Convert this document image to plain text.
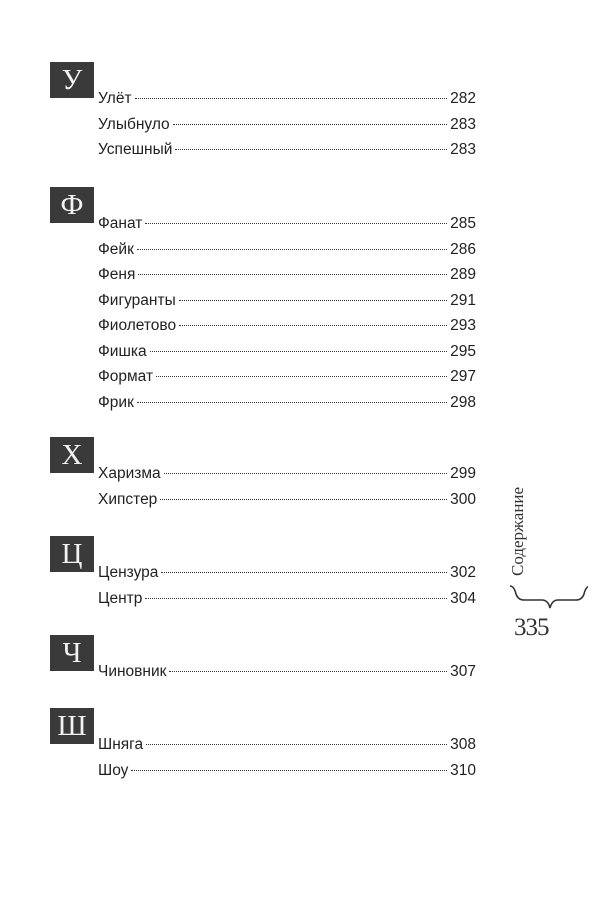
У
Улёт	282
Улыбнуло	283
Успешный	283
Ф
Фанат	285
Фейк	286
Феня	289
Фигуранты	291
Фиолетово	293
Фишка	295
Формат	297
Фрик	298
Х
Харизма	299
Хипстер	300
Ц
Цензура	302
Центр	304
Ч
Чиновник	307
Ш
Шняга	308
Шоу	310
Содержание
335
